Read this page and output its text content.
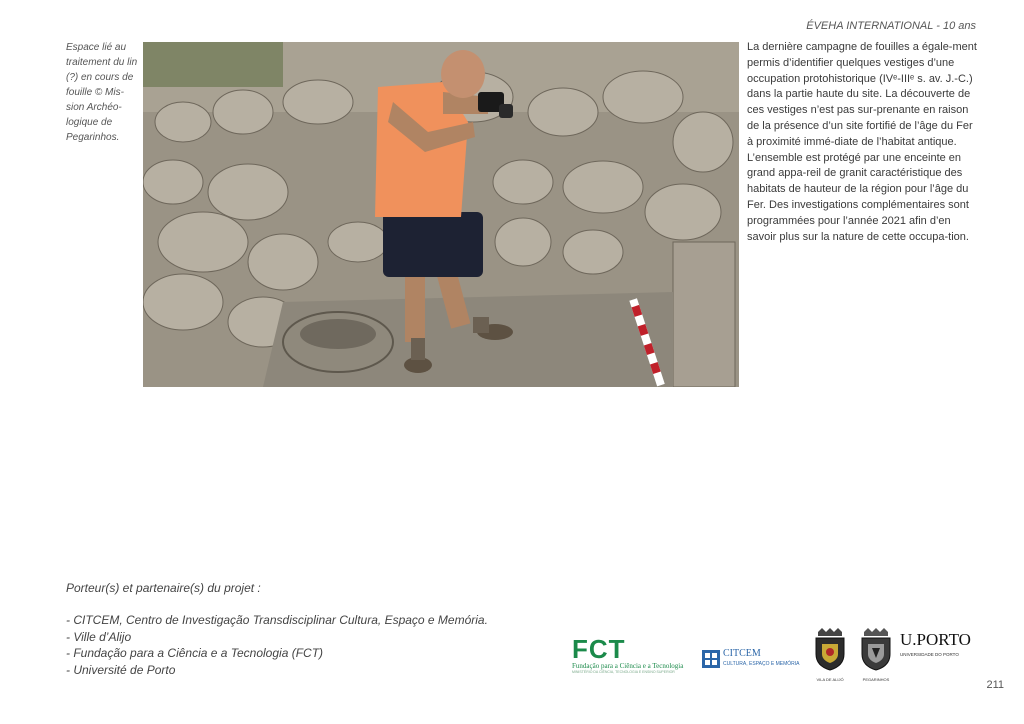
ÉVEHA INTERNATIONAL - 10 ans
Espace lié au traitement du lin (?) en cours de fouille © Mis-sion Archéo-logique de Pegarinhos.
La dernière campagne de fouilles a égale-ment permis d’identifier quelques vestiges d’une occupation protohistorique (IVᵉ-IIIᵉ s. av. J.-C.) dans la partie haute du site. La découverte de ces vestiges n’est pas sur-prenante en raison de la présence d’un site fortifié de l’âge du Fer à proximité immé-diate de l’habitat antique. L’ensemble est protégé par une enceinte en grand appa-reil de granit caractéristique des habitats de hauteur de la région pour l’âge du Fer. Des investigations complémentaires sont programmées pour l’année 2021 afin d’en savoir plus sur la nature de cette occupa-tion.
Porteur(s) et partenaire(s) du projet :
- CITCEM, Centro de Investigação Transdisciplinar Cultura, Espaço e Memória.
- Ville d’Alijo
- Fundação para a Ciência e a Tecnologia (FCT)
- Université de Porto
FCT
Fundação para a Ciência e a Tecnologia
MINISTÉRIO DA CIÊNCIA, TECNOLOGIA E ENSINO SUPERIOR
CITCEM
CULTURA, ESPAÇO E MEMÓRIA
VILA DE ALIJÓ	PEGARINHOS
U.PORTO
UNIVERSIDADE DO PORTO
211
